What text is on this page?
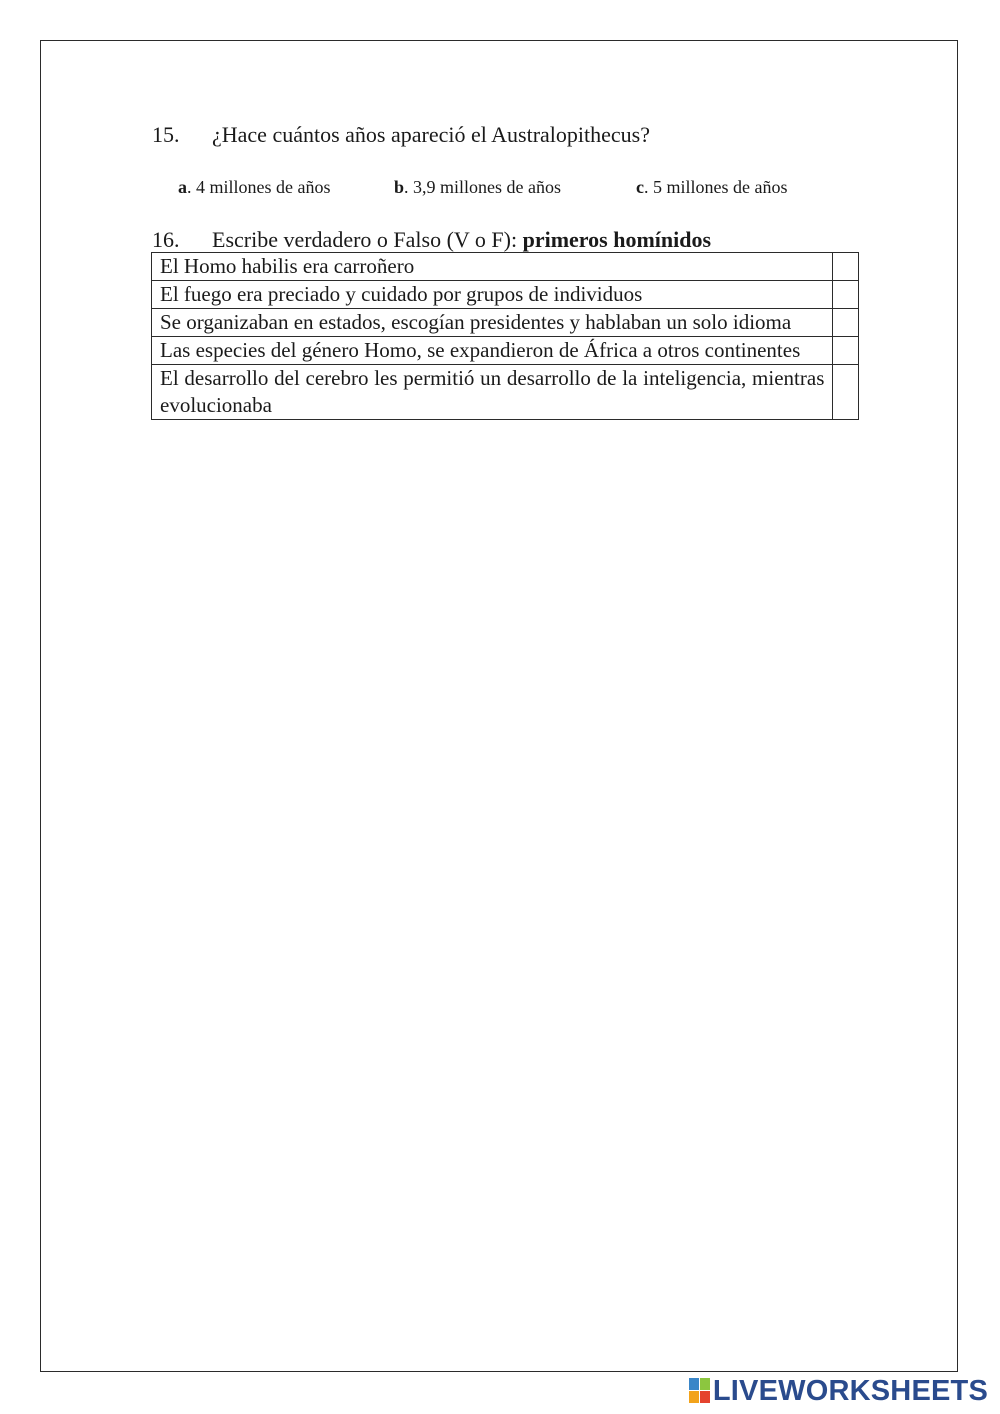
15. ¿Hace cuántos años apareció el Australopithecus?
a. 4 millones de años	b. 3,9 millones de años	c. 5 millones de años
16. Escribe verdadero o Falso (V o F): primeros homínidos
El Homo habilis era carroñero	
El fuego era preciado y cuidado por grupos de individuos	
Se organizaban en estados, escogían presidentes y hablaban un solo idioma	
Las especies del género Homo, se expandieron de África a otros continentes	
El desarrollo del cerebro les permitió un desarrollo de la inteligencia, mientras evolucionaba	
LIVEWORKSHEETS
